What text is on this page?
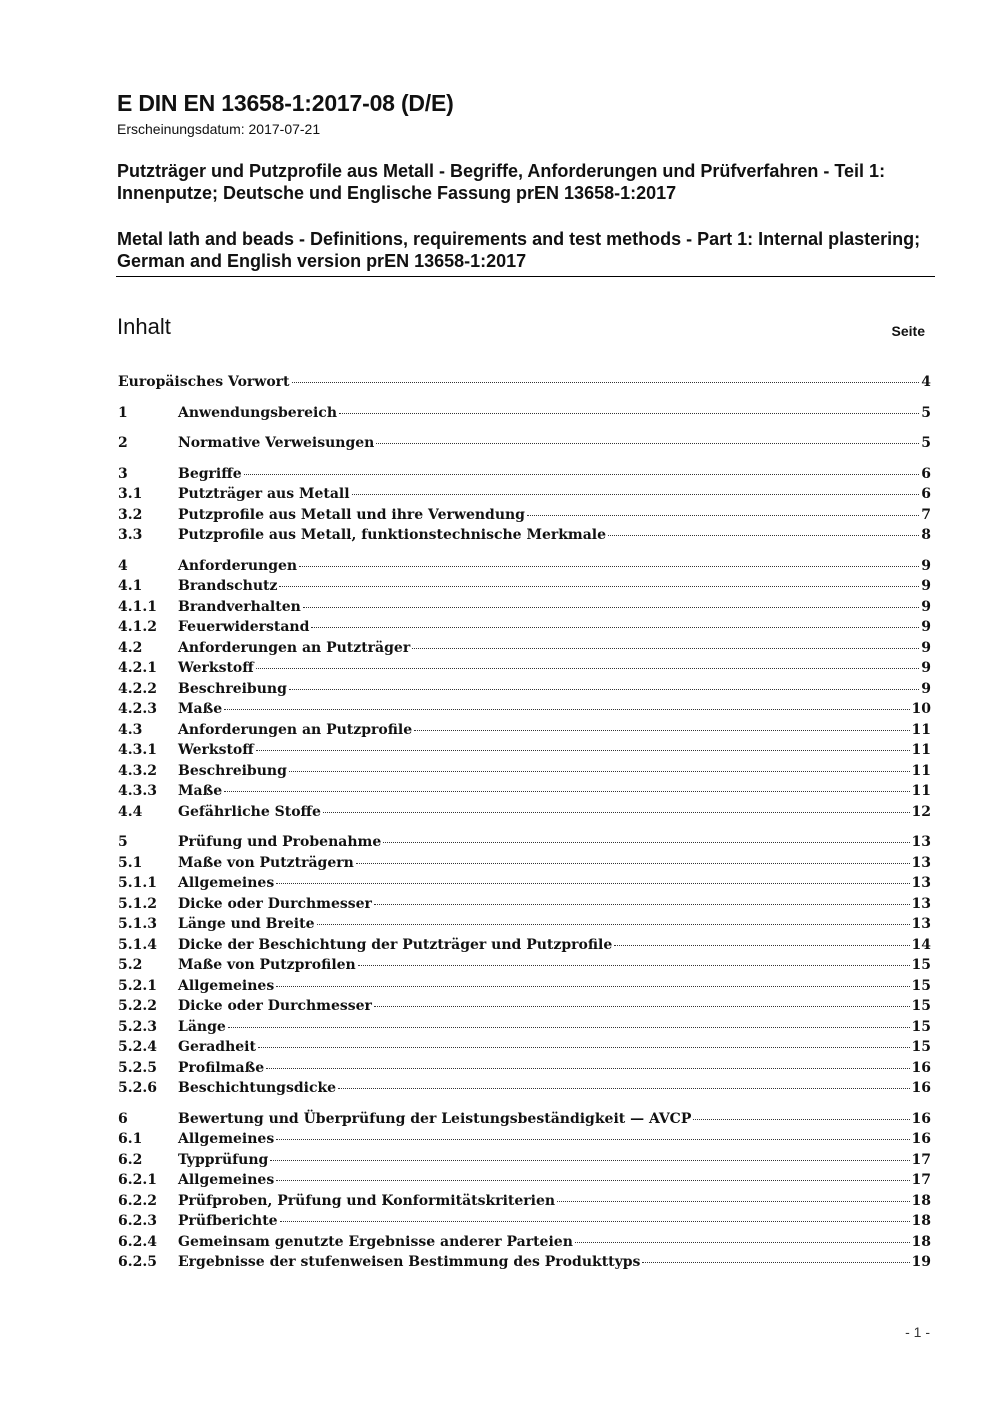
E DIN EN 13658-1:2017-08 (D/E)
Erscheinungsdatum: 2017-07-21
Putzträger und Putzprofile aus Metall - Begriffe, Anforderungen und Prüfverfahren - Teil 1: Innenputze; Deutsche und Englische Fassung prEN 13658-1:2017
Metal lath and beads - Definitions, requirements and test methods - Part 1: Internal plastering; German and English version prEN 13658-1:2017
Inhalt	Seite
Europäisches Vorwort	4
1	Anwendungsbereich	5
2	Normative Verweisungen	5
3	Begriffe	6
3.1	Putzträger aus Metall	6
3.2	Putzprofile aus Metall und ihre Verwendung	7
3.3	Putzprofile aus Metall, funktionstechnische Merkmale	8
4	Anforderungen	9
4.1	Brandschutz	9
4.1.1	Brandverhalten	9
4.1.2	Feuerwiderstand	9
4.2	Anforderungen an Putzträger	9
4.2.1	Werkstoff	9
4.2.2	Beschreibung	9
4.2.3	Maße	10
4.3	Anforderungen an Putzprofile	11
4.3.1	Werkstoff	11
4.3.2	Beschreibung	11
4.3.3	Maße	11
4.4	Gefährliche Stoffe	12
5	Prüfung und Probenahme	13
5.1	Maße von Putzträgern	13
5.1.1	Allgemeines	13
5.1.2	Dicke oder Durchmesser	13
5.1.3	Länge und Breite	13
5.1.4	Dicke der Beschichtung der Putzträger und Putzprofile	14
5.2	Maße von Putzprofilen	15
5.2.1	Allgemeines	15
5.2.2	Dicke oder Durchmesser	15
5.2.3	Länge	15
5.2.4	Geradheit	15
5.2.5	Profilmaße	16
5.2.6	Beschichtungsdicke	16
6	Bewertung und Überprüfung der Leistungsbeständigkeit — AVCP	16
6.1	Allgemeines	16
6.2	Typprüfung	17
6.2.1	Allgemeines	17
6.2.2	Prüfproben, Prüfung und Konformitätskriterien	18
6.2.3	Prüfberichte	18
6.2.4	Gemeinsam genutzte Ergebnisse anderer Parteien	18
6.2.5	Ergebnisse der stufenweisen Bestimmung des Produkttyps	19
- 1 -
